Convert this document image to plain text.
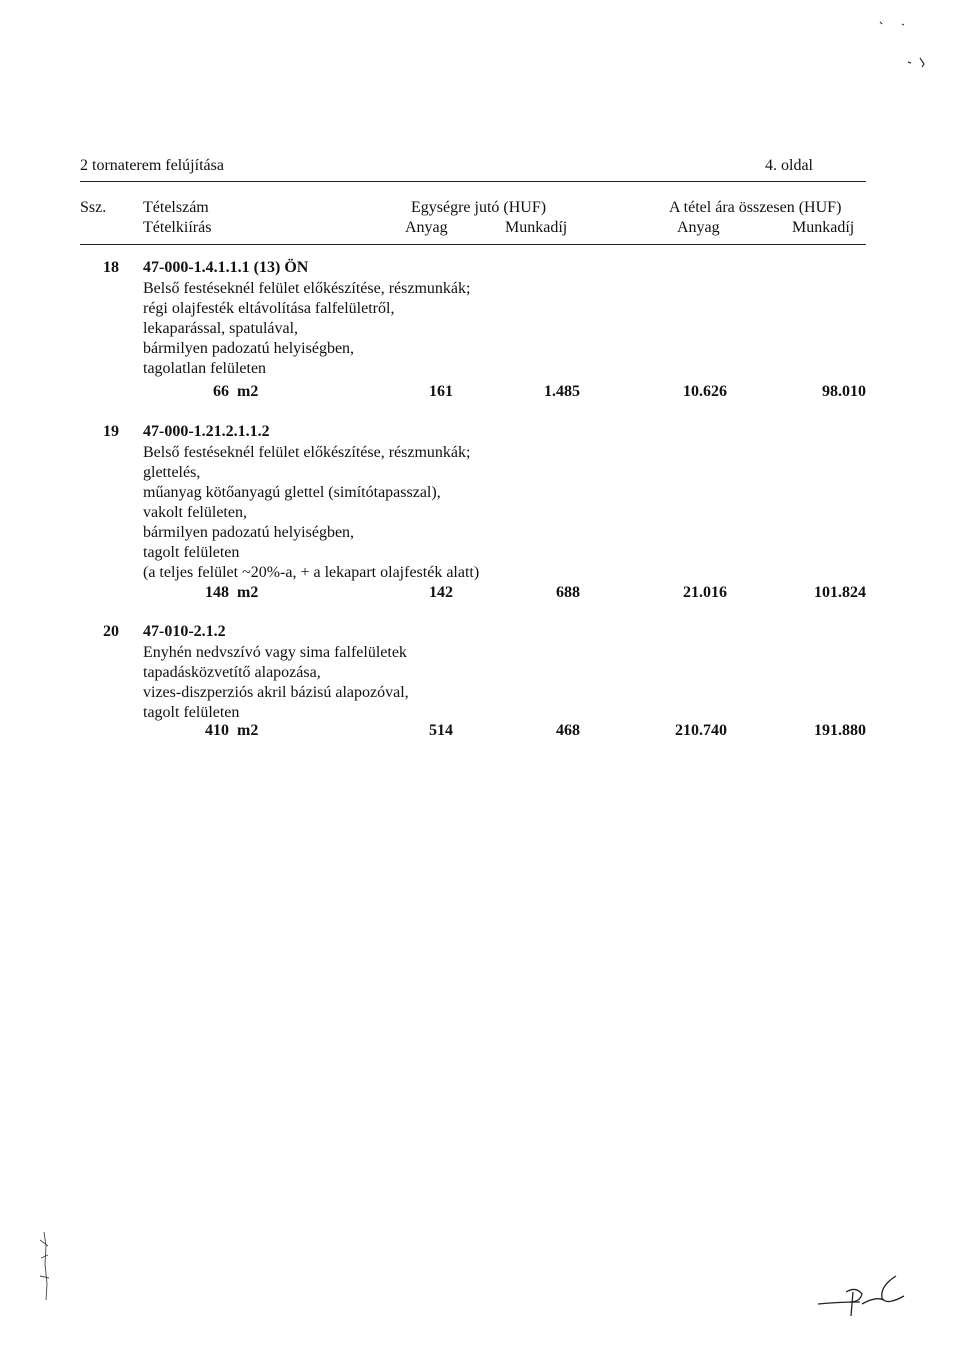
2 tornaterem felújítása	4. oldal
Ssz. Tételszám
Tételkiírás
Egységre jutó (HUF)
Anyag	Munkadíj
A tétel ára összesen (HUF)
Anyag	Munkadíj
18 47-000-1.4.1.1.1 (13) ÖN
Belső festéseknél felület előkészítése, részmunkák;
régi olajfesték eltávolítása falfelületről,
lekaparással, spatulával,
bármilyen padozatú helyiségben,
tagolatlan felületen
66 m2	161	1.485	10.626	98.010
19 47-000-1.21.2.1.1.2
Belső festéseknél felület előkészítése, részmunkák;
glettelés,
műanyag kötőanyagú glettel (simítótapasszal),
vakolt felületen,
bármilyen padozatú helyiségben,
tagolt felületen
(a teljes felület ~20%-a, + a lekapart olajfesték alatt)
148 m2	142	688	21.016	101.824
20 47-010-2.1.2
Enyhén nedvszívó vagy sima falfelületek
tapadásközvetítő alapozása,
vizes-diszperziós akril bázisú alapozóval,
tagolt felületen
410 m2	514	468	210.740	191.880
